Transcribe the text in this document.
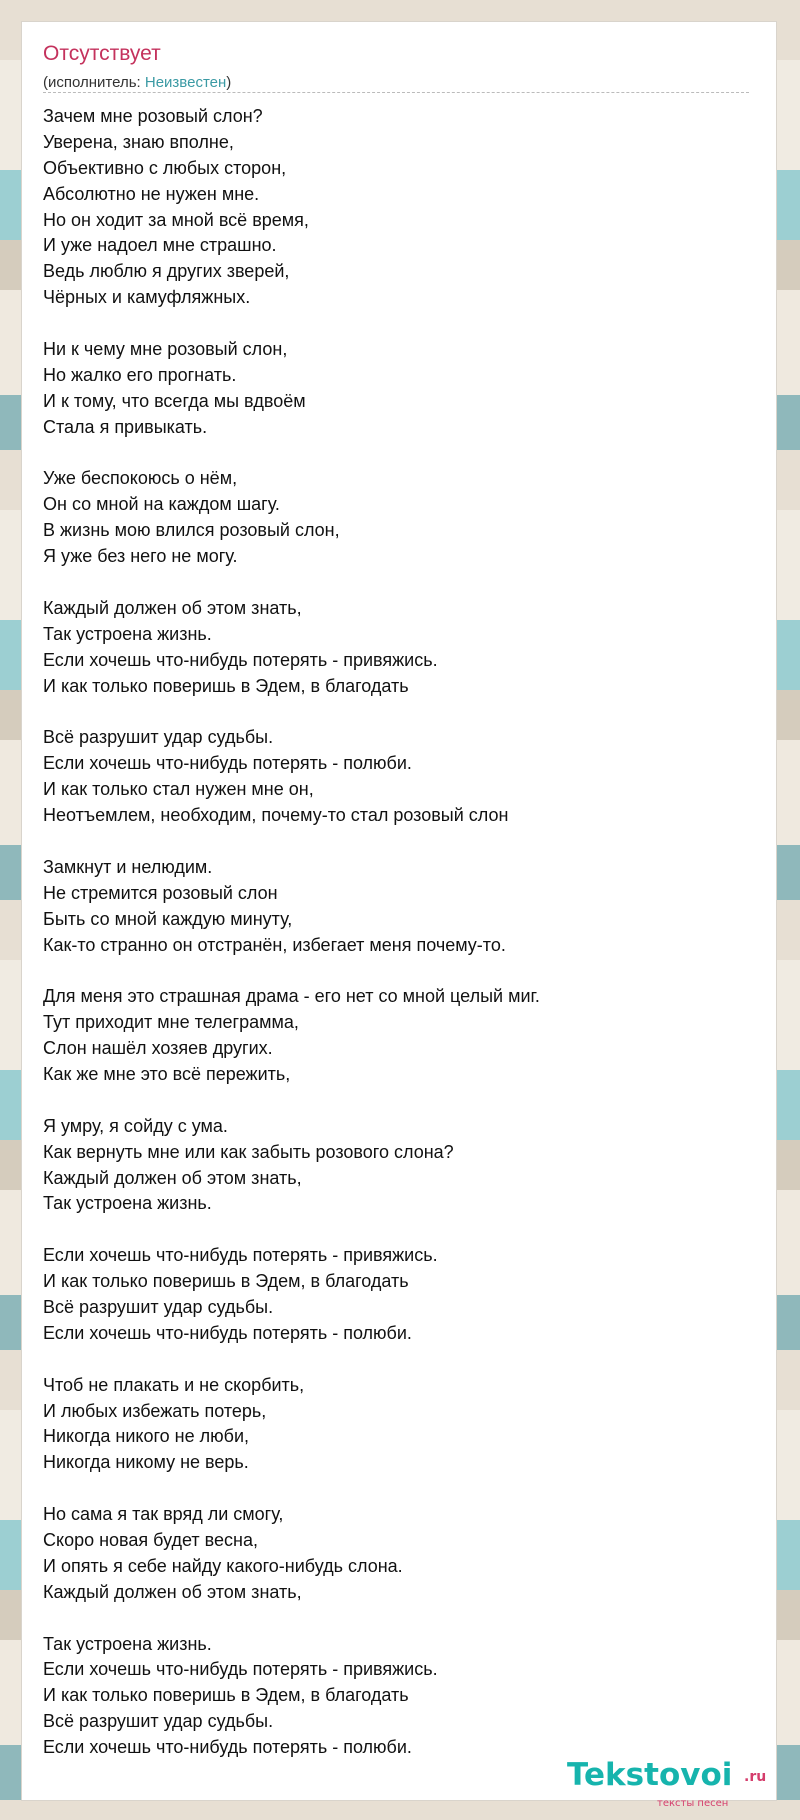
Отсутствует
(исполнитель: Неизвестен)
Зачем мне розовый слон?
Уверена, знаю вполне,
Объективно с любых сторон,
Абсолютно не нужен мне.
Но он ходит за мной всё время,
И уже надоел мне страшно.
Ведь люблю я других зверей,
Чёрных и камуфляжных.
Ни к чему мне розовый слон,
Но жалко его прогнать.
И к тому, что всегда мы вдвоём
Стала я привыкать.
Уже беспокоюсь о нём,
Он со мной на каждом шагу.
В жизнь мою влился розовый слон,
Я уже без него не могу.
Каждый должен об этом знать,
Так устроена жизнь.
Если хочешь что-нибудь потерять - привяжись.
И как только поверишь в Эдем, в благодать
Всё разрушит удар судьбы.
Если хочешь что-нибудь потерять - полюби.
И как только стал нужен мне он,
Неотъемлем, необходим, почему-то стал розовый слон
Замкнут и нелюдим.
Не стремится розовый слон
Быть со мной каждую минуту,
Как-то странно он отстранён, избегает меня почему-то.
Для меня это страшная драма - его нет со мной целый миг.
Тут приходит мне телеграмма,
Слон нашёл хозяев других.
Как же мне это всё пережить,
Я умру, я сойду с ума.
Как вернуть мне или как забыть розового слона?
Каждый должен об этом знать,
Так устроена жизнь.
Если хочешь что-нибудь потерять - привяжись.
И как только поверишь в Эдем, в благодать
Всё разрушит удар судьбы.
Если хочешь что-нибудь потерять - полюби.
Чтоб не плакать и не скорбить,
И любых избежать потерь,
Никогда никого не люби,
Никогда никому не верь.
Но сама я так вряд ли смогу,
Скоро новая будет весна,
И опять я себе найду какого-нибудь слона.
Каждый должен об этом знать,
Так устроена жизнь.
Если хочешь что-нибудь потерять - привяжись.
И как только поверишь в Эдем, в благодать
Всё разрушит удар судьбы.
Если хочешь что-нибудь потерять - полюби.
Tekstovoi .ru
тексты песен
